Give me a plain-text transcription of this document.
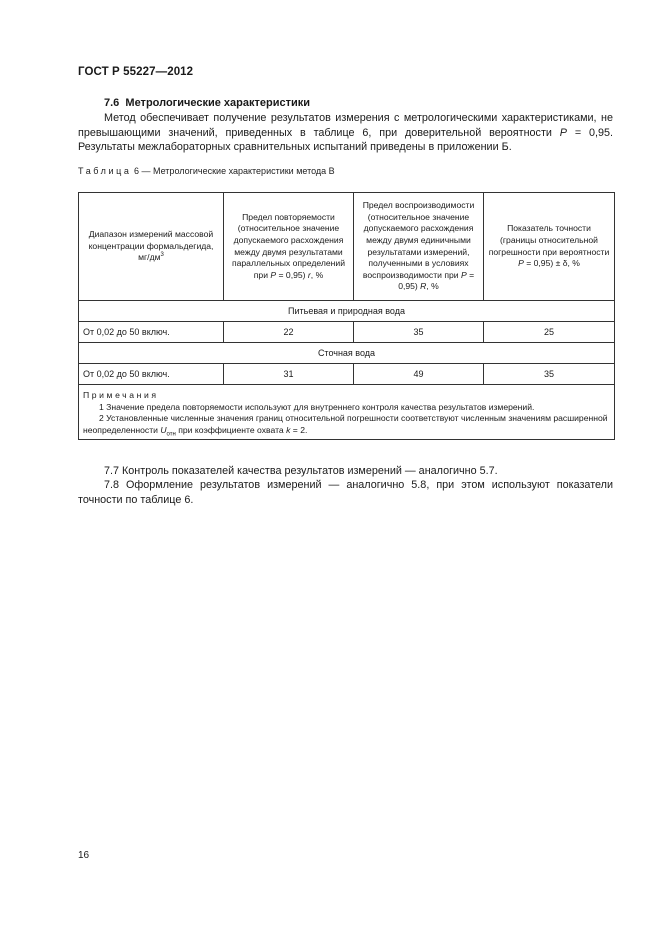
ГОСТ Р 55227—2012
7.6 Метрологические характеристики
Метод обеспечивает получение результатов измерения с метрологическими характеристиками, не превышающими значений, приведенных в таблице 6, при доверительной вероятности P = 0,95. Результаты межлабораторных сравнительных испытаний приведены в приложении Б.
Таблица 6 — Метрологические характеристики метода В
Диапазон измерений массовой концентрации формальдегида, $мг/дм^3$	Предел повторяемости (относительное значение допускаемого расхождения между двумя результатами параллельных определений при P = 0,95) r, %	Предел воспроизводимости (относительное значение допускаемого расхождения между двумя единичными результатами измерений, полученными в условиях воспроизводимости при P = 0,95) R, %	Показатель точности (границы относительной погрешности при вероятности P = 0,95) ± δ, %
Питьевая и природная вода			
От 0,02 до 50 включ.	22	35	25
Сточная вода			
От 0,02 до 50 включ.	31	49	35

Примечания
1 Значение предела повторяемости используют для внутреннего контроля качества результатов измерений.
2 Установленные численные значения границ относительной погрешности соответствуют численным значениям расширенной неопределенности $U_{отн}$ при коэффициенте охвата k = 2.			
7.7 Контроль показателей качества результатов измерений — аналогично 5.7.
7.8 Оформление результатов измерений — аналогично 5.8, при этом используют показатели точности по таблице 6.
16
